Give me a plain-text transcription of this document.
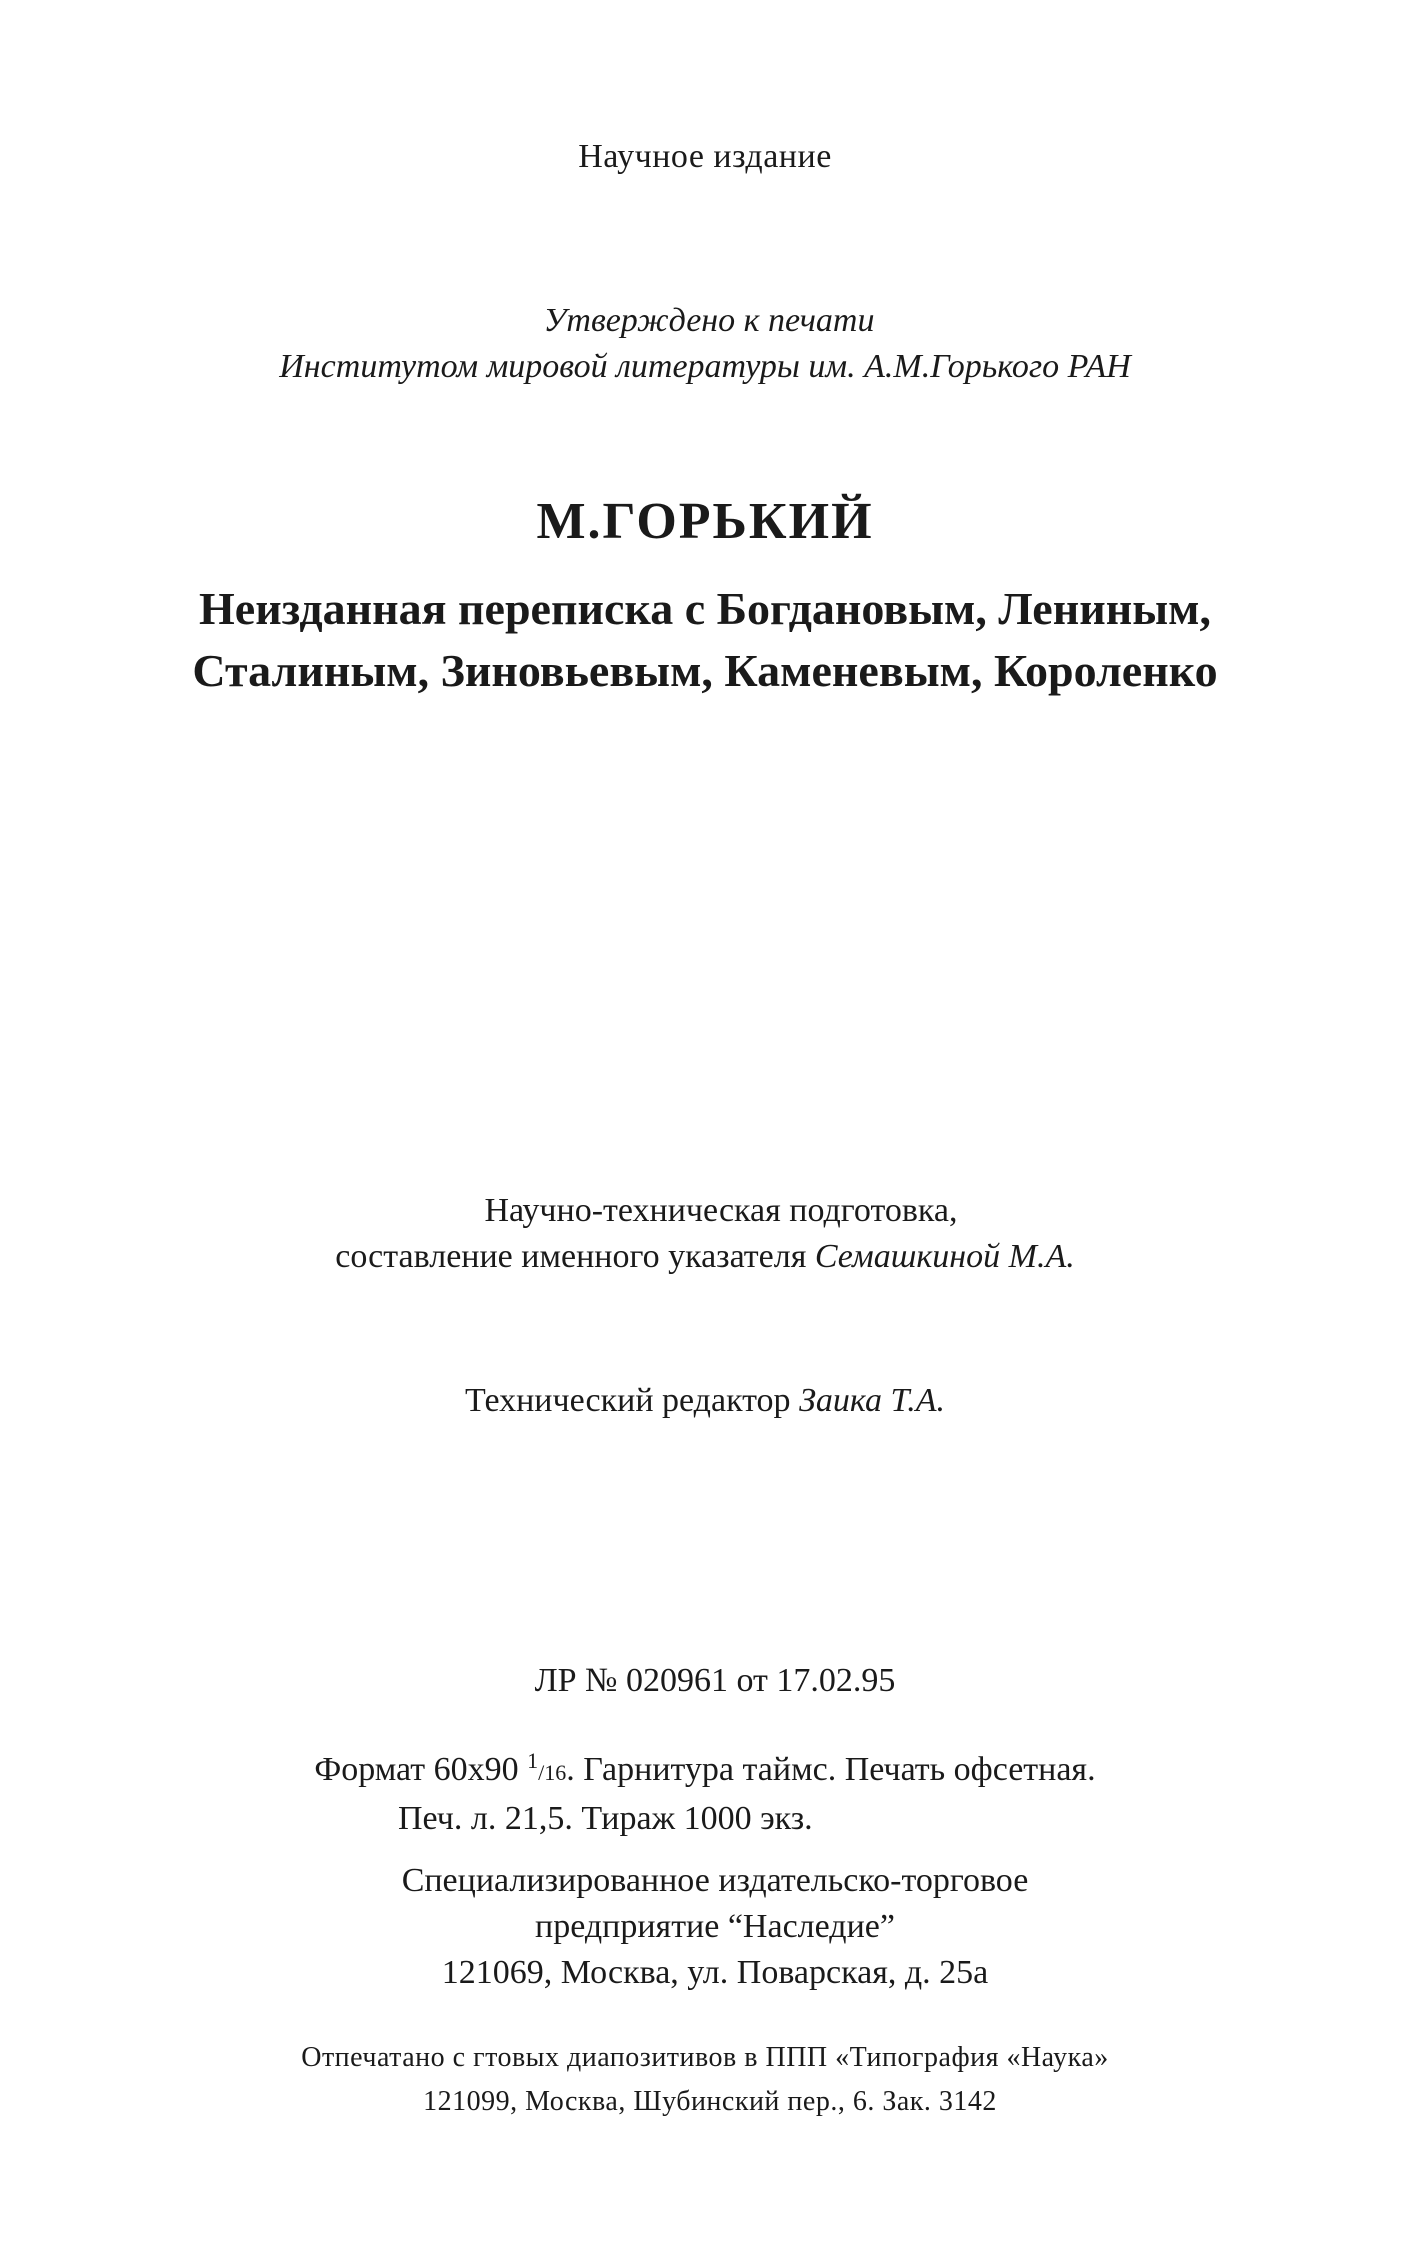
Научное издание
Утверждено к печати
Институтом мировой литературы им. А.М.Горького РАН
М.ГОРЬКИЙ
Неизданная переписка с Богдановым, Лениным,
Сталиным, Зиновьевым, Каменевым, Короленко
Научно-техническая подготовка,
составление именного указателя Семашкиной М.А.
Технический редактор Заика Т.А.
ЛР № 020961 от 17.02.95
Формат 60х90 $^1$/16. Гарнитура таймс. Печать офсетная.
Печ. л. 21,5. Тираж 1000 экз.
Специализированное издательско-торговое
предприятие “Наследие”
121069, Москва, ул. Поварская, д. 25а
Отпечатано с гтовых диапозитивов в ППП «Типография «Наука»
121099, Москва, Шубинский пер., 6. Зак. 3142
